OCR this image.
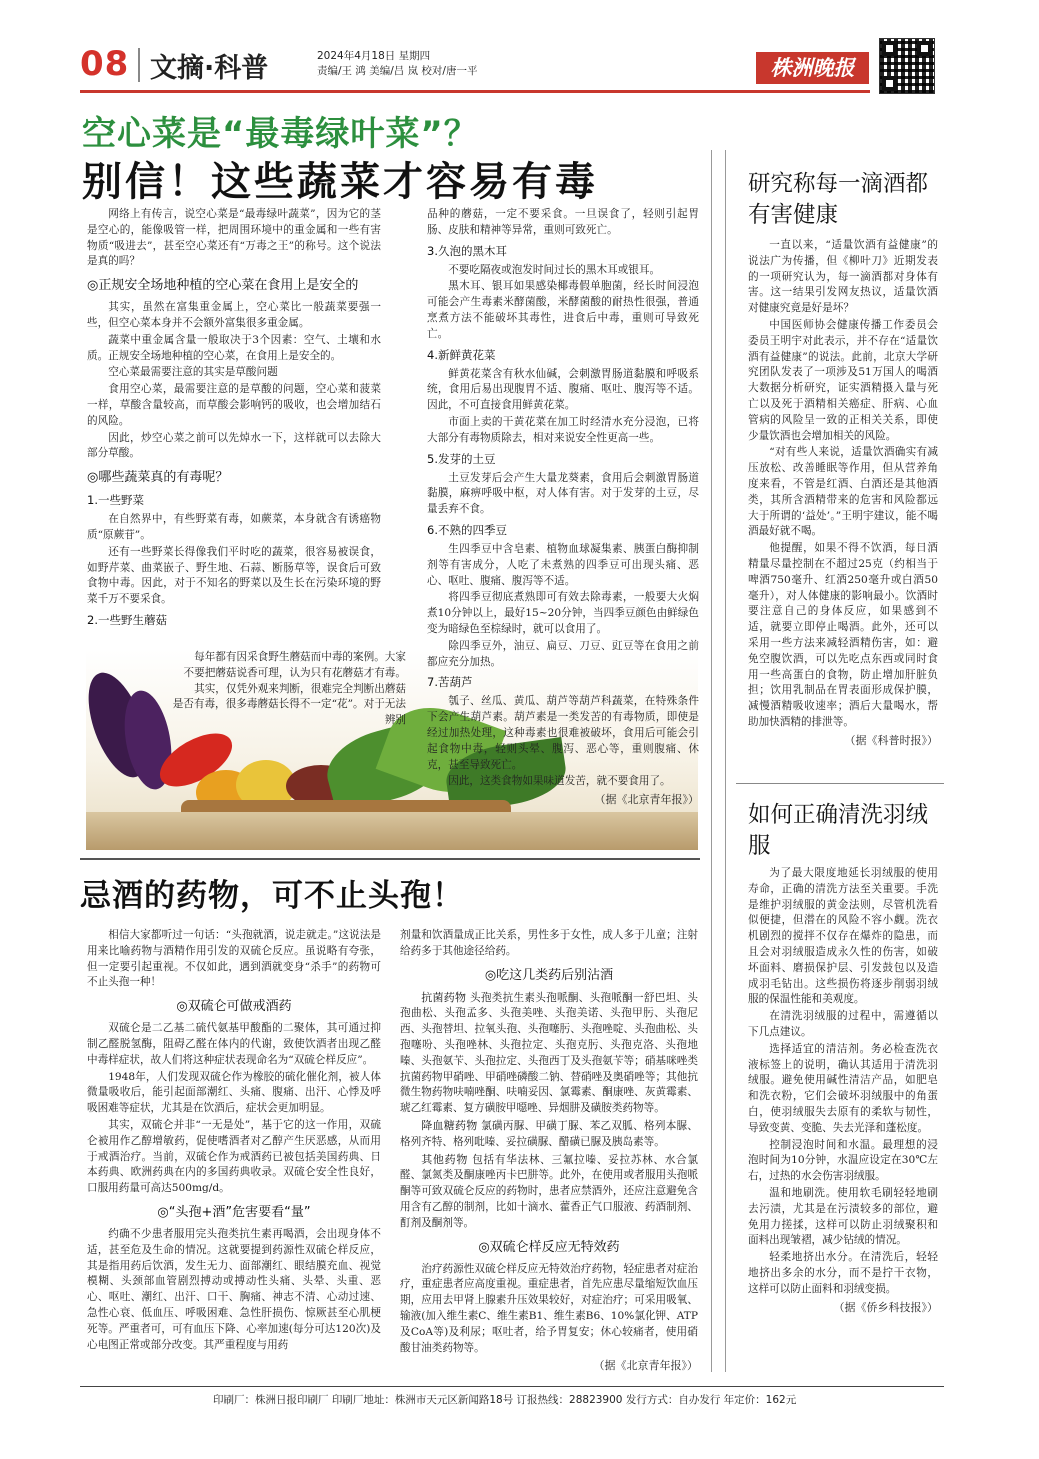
08 文摘·科普	2024年4月18日 星期四
责编/王 鸿 美编/吕 岚 校对/唐一平	株洲晚报
空心菜是“最毒绿叶菜”？
别信！这些蔬菜才容易有毒

网络上有传言，说空心菜是“最毒绿叶蔬菜”，因为它的茎是空心的，能像吸管一样，把周围环境中的重金属和一些有害物质“吸进去”，甚至空心菜还有“万毒之王”的称号。这个说法是真的吗？

◎正规安全场地种植的空心菜在食用上是安全的

其实，虽然在富集重金属上，空心菜比一般蔬菜要强一些，但空心菜本身并不会额外富集很多重金属。

蔬菜中重金属含量一般取决于3个因素：空气、土壤和水质。正规安全场地种植的空心菜，在食用上是安全的。

空心菜最需要注意的其实是草酸问题

食用空心菜，最需要注意的是草酸的问题，空心菜和菠菜一样，草酸含量较高，而草酸会影响钙的吸收，也会增加结石的风险。

因此，炒空心菜之前可以先焯水一下，这样就可以去除大部分草酸。

◎哪些蔬菜真的有毒呢？
1.一些野菜

在自然界中，有些野菜有毒，如蕨菜，本身就含有诱癌物质“原蕨苷”。

还有一些野菜长得像我们平时吃的蔬菜，很容易被误食，如野芹菜、曲菜嵌子、野生地、石蒜、断肠草等，误食后可致食物中毒。因此，对于不知名的野菜以及生长在污染环境的野菜千万不要采食。

2.一些野生蘑菇

每年都有因采食野生蘑菇而中毒的案例。大家不要把蘑菇说香可理，认为只有花蘑菇才有毒。

其实，仅凭外观来判断，很难完全判断出蘑菇是否有毒，很多毒蘑菇长得不一定“花”。对于无法辨别

品种的蘑菇，一定不要采食。一旦误食了，轻则引起胃肠、皮肤和精神等异常，重则可致死亡。

3.久泡的黑木耳

不要吃隔夜或泡发时间过长的黑木耳或银耳。

黑木耳、银耳如果感染椰毒假单胞菌，经长时间浸泡可能会产生毒素米酵菌酸，米酵菌酸的耐热性很强，普通烹煮方法不能破坏其毒性，进食后中毒，重则可导致死亡。

4.新鲜黄花菜

鲜黄花菜含有秋水仙碱，会刺激胃肠道黏膜和呼吸系统，食用后易出现腹胃不适、腹痛、呕吐、腹泻等不适。因此，不可直接食用鲜黄花菜。

市面上卖的干黄花菜在加工时经清水充分浸泡，已将大部分有毒物质除去，相对来说安全性更高一些。

5.发芽的土豆

土豆发芽后会产生大量龙葵素，食用后会刺激胃肠道黏膜，麻痹呼吸中枢，对人体有害。对于发芽的土豆，尽量丢弃不食。

6.不熟的四季豆

生四季豆中含皂素、植物血球凝集素、胰蛋白酶抑制剂等有害成分，人吃了未煮熟的四季豆可出现头痛、恶心、呕吐、腹痛、腹泻等不适。

将四季豆彻底煮熟即可有效去除毒素，一般要大火焖煮10分钟以上，最好15~20分钟，当四季豆颜色由鲜绿色变为暗绿色至棕绿时，就可以食用了。

除四季豆外，油豆、扁豆、刀豆、豇豆等在食用之前都应充分加热。

7.苦葫芦

瓠子、丝瓜、黄瓜、葫芦等葫芦科蔬菜，在特殊条件下会产生葫芦素。葫芦素是一类发苦的有毒物质，即使是经过加热处理，这种毒素也很难被破坏，食用后可能会引起食物中毒，轻则头晕、腹泻、恶心等，重则腹痛、休克，甚至导致死亡。

因此，这类食物如果味道发苦，就不要食用了。

（据《北京青年报》）
忌酒的药物，可不止头孢！

相信大家都听过一句话：“头孢就酒，说走就走。”这说法是用来比喻药物与酒精作用引发的双硫仑反应。虽说略有夸张，但一定要引起重视。不仅如此，遇到酒就变身“杀手”的药物可不止头孢一种！

◎双硫仑可做戒酒药

双硫仑是二乙基二硫代氨基甲酸酯的二聚体，其可通过抑制乙醛脱氢酶，阻碍乙醛在体内的代谢，致使饮酒者出现乙醛中毒样症状，故人们将这种症状表现命名为“双硫仑样反应”。

1948年，人们发现双硫仑作为橡胶的硫化催化剂，被人体微量吸收后，能引起面部潮红、头痛、腹痛、出汗、心悸及呼吸困难等症状，尤其是在饮酒后，症状会更加明显。

其实，双硫仑并非“一无是处”，基于它的这一作用，双硫仑被用作乙醇增敏药，促使嗜酒者对乙醇产生厌恶感，从而用于戒酒治疗。当前，双硫仑作为戒酒药已被包括美国药典、日本药典、欧洲药典在内的多国药典收录。双硫仑安全性良好，口服用药量可高达500mg/d。

◎“头孢+酒”危害要看“量”

约确不少患者服用完头孢类抗生素再喝酒，会出现身体不适，甚至危及生命的情况。这就要提到药源性双硫仑样反应，其是指用药后饮酒，发生无力、面部潮红、眼结膜充血、视觉模糊、头颈部血管剧烈搏动或搏动性头痛、头晕、头重、恶心、呕吐、潮红、出汗、口干、胸痛、神志不清、心动过速、急性心衰、低血压、呼吸困难、急性肝损伤、惊厥甚至心肌梗死等。严重者可，可有血压下降、心率加速(每分可达120次)及心电图正常或部分改变。其严重程度与用药

剂量和饮酒量成正比关系，男性多于女性，成人多于儿童；注射给药多于其他途径给药。

◎吃这几类药后别沾酒

抗菌药物 头孢类抗生素头孢哌酮、头孢哌酮一舒巴坦、头孢曲松、头孢孟多、头孢美唑、头孢美诺、头孢甲肟、头孢尼西、头孢替坦、拉氧头孢、头孢噻肟、头孢唑啶、头孢曲松、头孢噻吩、头孢唑林、头孢拉定、头孢克肟、头孢克洛、头孢地嗪、头孢氨苄、头孢拉定、头孢西丁及头孢氨苄等；硝基咪唑类抗菌药物甲硝唑、甲硝唑磷酸二钠、替硝唑及奥硝唑等；其他抗微生物药物呋喃唑酮、呋喃妥因、氯霉素、酮康唑、灰黄霉素、琥乙红霉素、复方磺胺甲噁唑、异烟肼及磺胺类药物等。

降血糖药物 氯磺丙脲、甲磺丁脲、苯乙双胍、格列本脲、格列齐特、格列吡嗪、妥拉磺脲、醋磺已脲及胰岛素等。

其他药物 包括有华法林、三氟拉嗪、妥拉苏林、水合氯醛、氯氮类及酮康唑丙卡巴肼等。此外，在使用或者服用头孢哌酮等可致双硫仑反应的药物时，患者应禁酒外，还应注意避免含用含有乙醇的制剂，比如十滴水、藿香正气口服液、药酒制剂、酊剂及酮剂等。

◎双硫仑样反应无特效药

治疗药源性双硫仑样反应无特效治疗药物，轻症患者对症治疗，重症患者应高度重视。重症患者，首先应患尽量缩短饮血压期，应用去甲肾上腺素升压效果较好，对症治疗；可采用吸氧、输液(加入维生素C、维生素B1、维生素B6、10%氯化钾、ATP及CoA等)及利尿；呕吐者，给予胃复安；休心较痛者，使用硝酸甘油类药物等。

（据《北京青年报》）
研究称每一滴酒都有害健康

一直以来，“适量饮酒有益健康”的说法广为传播，但《柳叶刀》近期发表的一项研究认为，每一滴酒都对身体有害。这一结果引发网友热议，适量饮酒对健康究竟是好是坏？

中国医师协会健康传播工作委员会委员王明宇对此表示，并不存在“适量饮酒有益健康”的说法。此前，北京大学研究团队发表了一项涉及51万国人的喝酒大数据分析研究，证实酒精摄入量与死亡以及死于酒精相关癌症、肝病、心血管病的风险呈一致的正相关关系，即使少量饮酒也会增加相关的风险。

“对有些人来说，适量饮酒确实有减压放松、改善睡眠等作用，但从营养角度来看，不管是红酒、白酒还是其他酒类，其所含酒精带来的危害和风险都远大于所谓的‘益处’。”王明宇建议，能不喝酒最好就不喝。

他提醒，如果不得不饮酒，每日酒精量尽量控制在不超过25克（约相当于啤酒750毫升、红酒250毫升或白酒50毫升），对人体健康的影响最小。饮酒时要注意自己的身体反应，如果感到不适，就要立即停止喝酒。此外，还可以采用一些方法来减轻酒精伤害，如：避免空腹饮酒，可以先吃点东西或同时食用一些高蛋白的食物，防止增加肝脏负担；饮用乳制品在胃表面形成保护膜，减慢酒精吸收速率；酒后大量喝水，帮助加快酒精的排泄等。

（据《科普时报》）
如何正确清洗羽绒服

为了最大限度地延长羽绒服的使用寿命，正确的清洗方法至关重要。手洗是维护羽绒服的黄金法则，尽管机洗看似便捷，但潜在的风险不容小觑。洗衣机剧烈的搅拌不仅存在爆炸的隐患，而且会对羽绒服造成永久性的伤害，如破坏面料、磨损保护层、引发鼓包以及造成羽毛钻出。这些损伤将逐步削弱羽绒服的保温性能和美观度。

在清洗羽绒服的过程中，需遵循以下几点建议。

选择适宜的清洁剂。务必检查洗衣液标签上的说明，确认其适用于清洗羽绒服。避免使用碱性清洁产品，如肥皂和洗衣粉，它们会破坏羽绒服中的角蛋白，使羽绒服失去原有的柔软与韧性，导致变黄、变脆、失去光泽和蓬松度。

控制浸泡时间和水温。最理想的浸泡时间为10分钟，水温应设定在30℃左右，过热的水会伤害羽绒服。

温和地刷洗。使用软毛刷轻轻地刷去污渍，尤其是在污渍较多的部位，避免用力搓揉，这样可以防止羽绒聚积和面料出现皱褶，减少钻绒的情况。

轻柔地挤出水分。在清洗后，轻轻地挤出多余的水分，而不是拧干衣物，这样可以防止面料和羽绒变损。

（据《侨乡科技报》）
印刷厂：株洲日报印刷厂 印刷厂地址：株洲市天元区新闻路18号 订报热线：28823900 发行方式：自办发行 年定价：162元
